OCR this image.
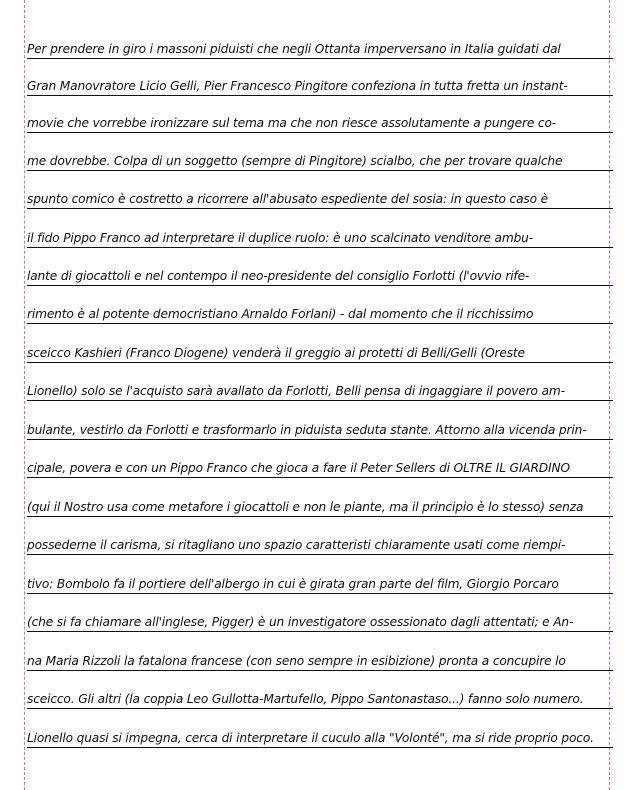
Per prendere in giro i massoni piduisti che negli Ottanta imperversano in Italia guidati dal
Gran Manovratore Licio Gelli, Pier Francesco Pingitore confeziona in tutta fretta un instant-
movie che vorrebbe ironizzare sul tema ma che non riesce assolutamente a pungere co-
me dovrebbe. Colpa di un soggetto (sempre di Pingitore) scialbo, che per trovare qualche
spunto comico è costretto a ricorrere all'abusato espediente del sosia: in questo caso è
il fido Pippo Franco ad interpretare il duplice ruolo: è uno scalcinato venditore ambu-
lante di giocattoli e nel contempo il neo-presidente del consiglio Forlotti (l'ovvio rife-
rimento è al potente democristiano Arnaldo Forlani) - dal momento che il ricchissimo
sceicco Kashieri (Franco Diogene) venderà il greggio ai protetti di Belli/Gelli (Oreste
Lionello) solo se l'acquisto sarà avallato da Forlotti, Belli pensa di ingaggiare il povero am-
bulante, vestirlo da Forlotti e trasformarlo in piduista seduta stante. Attorno alla vicenda prin-
cipale, povera e con un Pippo Franco che gioca a fare il Peter Sellers di OLTRE IL GIARDINO
(qui il Nostro usa come metafore i giocattoli e non le piante, ma il principio è lo stesso) senza
possederne il carisma, si ritagliano uno spazio caratteristi chiaramente usati come riempi-
tivo: Bombolo fa il portiere dell'albergo in cui è girata gran parte del film, Giorgio Porcaro
(che si fa chiamare all'inglese, Pigger) è un investigatore ossessionato dagli attentati; e An-
na Maria Rizzoli la fatalona francese (con seno sempre in esibizione) pronta a concupire lo
sceicco. Gli altri (la coppia Leo Gullotta-Martufello, Pippo Santonastaso...) fanno solo numero.
Lionello quasi si impegna, cerca di interpretare il cuculo alla "Volonté", ma si ride proprio poco.
